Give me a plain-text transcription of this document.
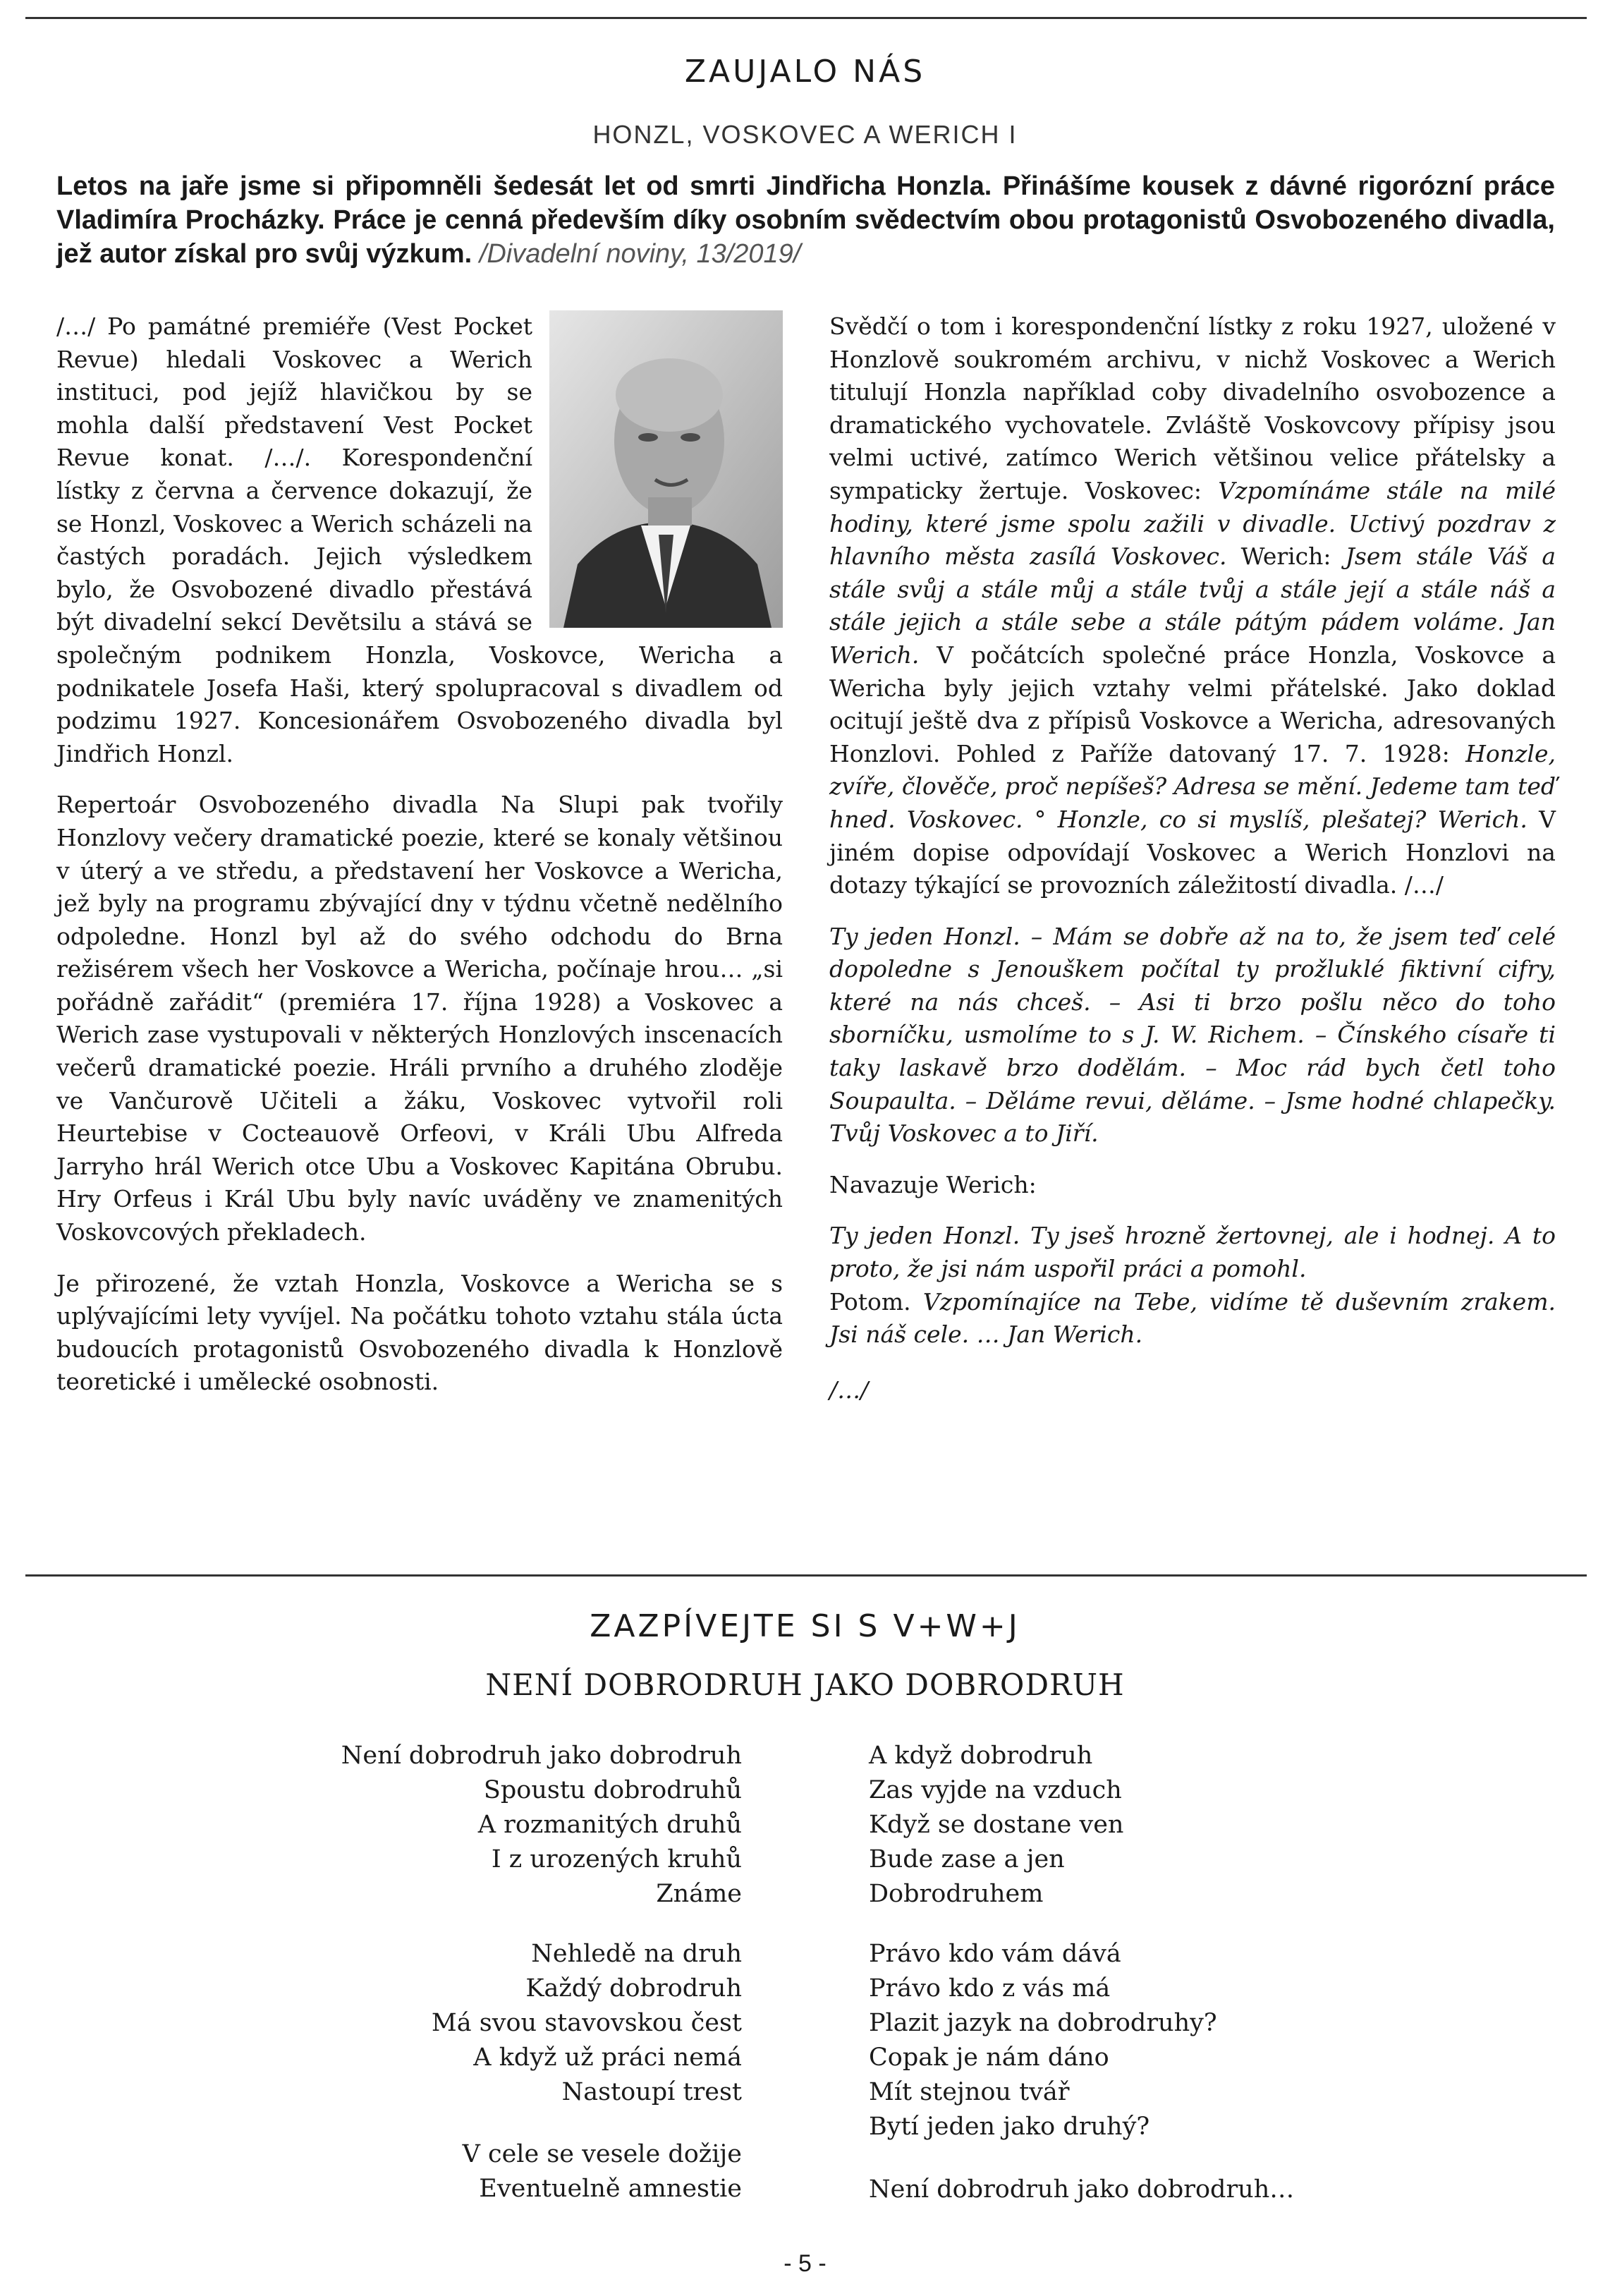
ZAUJALO NÁS
HONZL, VOSKOVEC A WERICH I
Letos na jaře jsme si připomněli šedesát let od smrti Jindřicha Honzla. Přinášíme kousek z dávné rigorózní práce Vladimíra Procházky. Práce je cenná především díky osobním svědectvím obou protagonistů Osvobozeného divadla, jež autor získal pro svůj výzkum. /Divadelní noviny, 13/2019/

/…/ Po památné premiéře (Vest Pocket Revue) hledali Voskovec a Werich instituci, pod jejíž hlavičkou by se mohla další představení Vest Pocket Revue konat. /…/. Korespondenční lístky z června a července dokazují, že se Honzl, Voskovec a Werich scházeli na častých poradách. Jejich výsledkem bylo, že Osvobozené divadlo přestává být divadelní sekcí Devětsilu a stává se společným podnikem Honzla, Voskovce, Wericha a podnikatele Josefa Haši, který spolupracoval s divadlem od podzimu 1927. Koncesionářem Osvobozeného divadla byl Jindřich Honzl.

Repertoár Osvobozeného divadla Na Slupi pak tvořily Honzlovy večery dramatické poezie, které se konaly většinou v úterý a ve středu, a představení her Voskovce a Wericha, jež byly na programu zbývající dny v týdnu včetně nedělního odpoledne. Honzl byl až do svého odchodu do Brna režisérem všech her Voskovce a Wericha, počínaje hrou… „si pořádně zařádit“ (premiéra 17. října 1928) a Voskovec a Werich zase vystupovali v některých Honzlových inscenacích večerů dramatické poezie. Hráli prvního a druhého zloděje ve Vančurově Učiteli a žáku, Voskovec vytvořil roli Heurtebise v Cocteauově Orfeovi, v Králi Ubu Alfreda Jarryho hrál Werich otce Ubu a Voskovec Kapitána Obrubu. Hry Orfeus i Král Ubu byly navíc uváděny ve znamenitých Voskovcových překladech.

Je přirozené, že vztah Honzla, Voskovce a Wericha se s uplývajícími lety vyvíjel. Na počátku tohoto vztahu stála úcta budoucích protagonistů Osvobozeného divadla k Honzlově teoretické i umělecké osobnosti.

Svědčí o tom i korespondenční lístky z roku 1927, uložené v Honzlově soukromém archivu, v nichž Voskovec a Werich titulují Honzla například coby divadelního osvobozence a dramatického vychovatele. Zvláště Voskovcovy přípisy jsou velmi uctivé, zatímco Werich většinou velice přátelsky a sympaticky žertuje. Voskovec: Vzpomínáme stále na milé hodiny, které jsme spolu zažili v divadle. Uctivý pozdrav z hlavního města zasílá Voskovec. Werich: Jsem stále Váš a stále svůj a stále můj a stále tvůj a stále její a stále náš a stále jejich a stále sebe a stále pátým pádem voláme. Jan Werich. V počátcích společné práce Honzla, Voskovce a Wericha byly jejich vztahy velmi přátelské. Jako doklad ocitují ještě dva z přípisů Voskovce a Wericha, adresovaných Honzlovi. Pohled z Paříže datovaný 17. 7. 1928: Honzle, zvíře, člověče, proč nepíšeš? Adresa se mění. Jedeme tam teď hned. Voskovec. ° Honzle, co si myslíš, plešatej? Werich. V jiném dopise odpovídají Voskovec a Werich Honzlovi na dotazy týkající se provozních záležitostí divadla. /…/

Ty jeden Honzl. – Mám se dobře až na to, že jsem teď celé dopoledne s Jenouškem počítal ty prožluklé fiktivní cifry, které na nás chceš. – Asi ti brzo pošlu něco do toho sborníčku, usmolíme to s J. W. Richem. – Čínského císaře ti taky laskavě brzo dodělám. – Moc rád bych četl toho Soupaulta. – Děláme revui, děláme. – Jsme hodné chlapečky. Tvůj Voskovec a to Jiří.

Navazuje Werich:

Ty jeden Honzl. Ty jseš hrozně žertovnej, ale i hodnej. A to proto, že jsi nám uspořil práci a pomohl.
Potom. Vzpomínajíce na Tebe, vidíme tě duševním zrakem. Jsi náš cele. … Jan Werich.

/…/

ZAZPÍVEJTE SI S V+W+J
NENÍ DOBRODRUH JAKO DOBRODRUH
Není dobrodruh jako dobrodruh
Spoustu dobrodruhů
A rozmanitých druhů
I z urozených kruhů
Známe
Nehledě na druh
Každý dobrodruh
Má svou stavovskou čest
A když už práci nemá
Nastoupí trest
V cele se vesele dožije
Eventuelně amnestie
A když dobrodruh
Zas vyjde na vzduch
Když se dostane ven
Bude zase a jen
Dobrodruhem
Právo kdo vám dává
Právo kdo z vás má
Plazit jazyk na dobrodruhy?
Copak je nám dáno
Mít stejnou tvář
Bytí jeden jako druhý?
Není dobrodruh jako dobrodruh…
- 5 -
